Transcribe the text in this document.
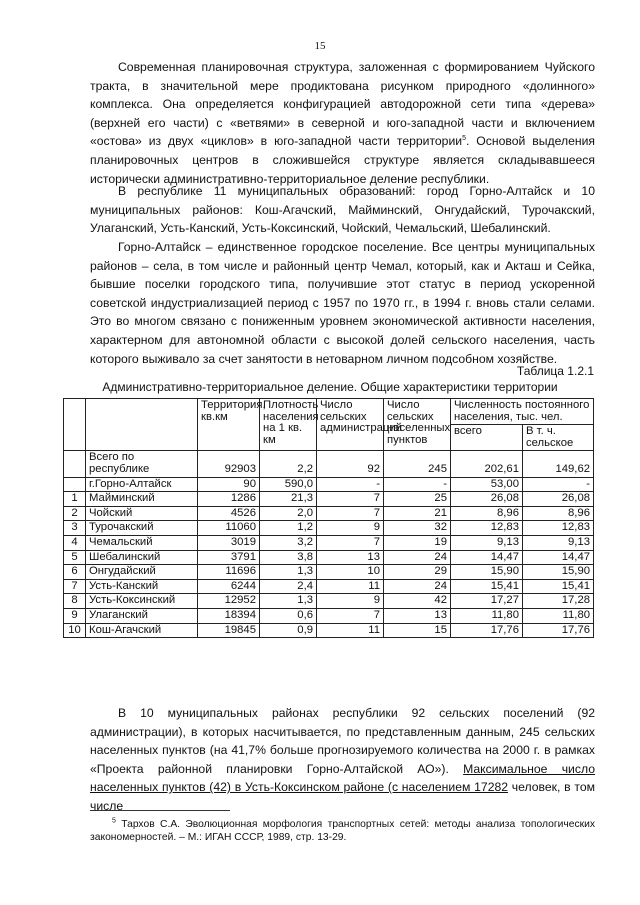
15

Современная планировочная структура, заложенная с формированием Чуйского тракта, в значительной мере продиктована рисунком природного «долинного» комплекса. Она определяется конфигурацией автодорожной сети типа «дерева» (верхней его части) с «ветвями» в северной и юго-западной части и включением «остова» из двух «циклов» в юго-западной части территории$^5$. Основой выделения планировочных центров в сложившейся структуре является складывавшееся исторически административно-территориальное деление республики.

В республике 11 муниципальных образований: город Горно-Алтайск и 10 муниципальных районов: Кош-Агачский, Майминский, Онгудайский, Турочакский, Улаганский, Усть-Канский, Усть-Коксинский, Чойский, Чемальский, Шебалинский.

Горно-Алтайск – единственное городское поселение. Все центры муниципальных районов – села, в том числе и районный центр Чемал, который, как и Акташ и Сейка, бывшие поселки городского типа, получившие этот статус в период ускоренной советской индустриализацией период с 1957 по 1970 гг., в 1994 г. вновь стали селами. Это во многом связано с пониженным уровнем экономической активности населения, характерном для автономной области с высокой долей сельского населения, часть которого выживало за счет занятости в нетоварном личном подсобном хозяйстве.

Таблица 1.2.1
Административно-территориальное деление. Общие характеристики территории
		Территория, кв.км	Плотность населения на 1 кв. км	Число сельских администраций	Число сельских населенных пунктов	Численность постоянного населения, тыс. чел.	
						всего	В т. ч. сельское
	Всего по республике	92903	2,2	92	245	202,61	149,62
	г.Горно-Алтайск	90	590,0	-	-	53,00	-
1	Майминский	1286	21,3	7	25	26,08	26,08
2	Чойский	4526	2,0	7	21	8,96	8,96
3	Турочакский	11060	1,2	9	32	12,83	12,83
4	Чемальский	3019	3,2	7	19	9,13	9,13
5	Шебалинский	3791	3,8	13	24	14,47	14,47
6	Онгудайский	11696	1,3	10	29	15,90	15,90
7	Усть-Канский	6244	2,4	11	24	15,41	15,41
8	Усть-Коксинский	12952	1,3	9	42	17,27	17,28
9	Улаганский	18394	0,6	7	13	11,80	11,80
10	Кош-Агачский	19845	0,9	11	15	17,76	17,76

В 10 муниципальных районах республики 92 сельских поселений (92 администрации), в которых насчитывается, по представленным данным, 245 сельских населенных пунктов (на 41,7% больше прогнозируемого количества на 2000 г. в рамках «Проекта районной планировки Горно-Алтайской АО»). Максимальное число населенных пунктов (42) в Усть-Коксинском районе (с населением 17282 человек, в том числе

$^5$ Тархов С.А. Эволюционная морфология транспортных сетей: методы анализа топологических закономерностей. – М.: ИГАН СССР, 1989, стр. 13-29.
